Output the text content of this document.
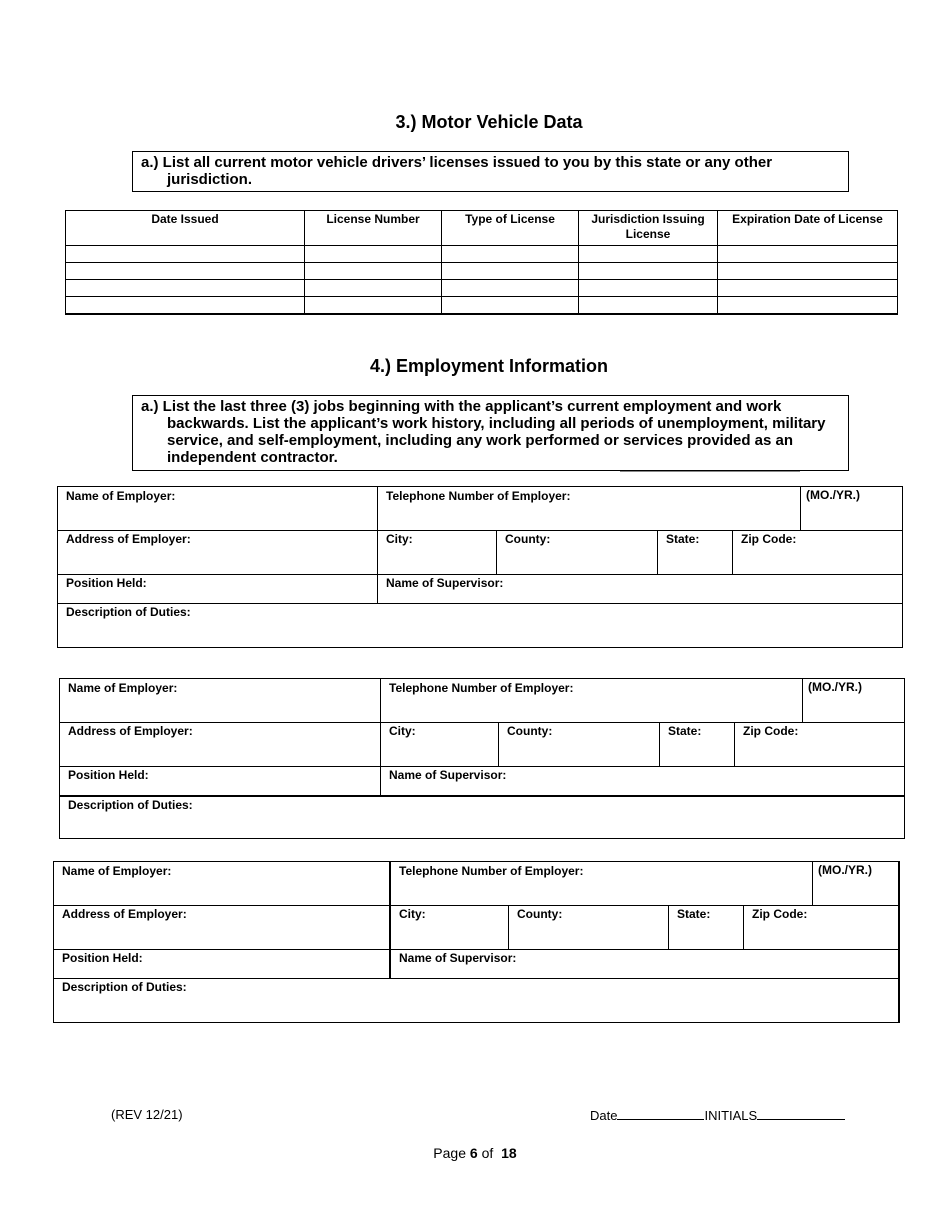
3.) Motor Vehicle Data
a.) List all current motor vehicle drivers’ licenses issued to you by this state or any other jurisdiction.
Date Issued	License Number	Type of License	Jurisdiction Issuing License	Expiration Date of License

4.) Employment Information
a.) List the last three (3) jobs beginning with the applicant’s current employment and work backwards. List the applicant’s work history, including all periods of unemployment, military service, and self-employment, including any work performed or services provided as an independent contractor.
Name of Employer:	Telephone Number of Employer:	(MO./YR.)
Address of Employer:	City:	County:	State:	Zip Code:
Position Held:	Name of Supervisor:
Description of Duties:
Name of Employer:	Telephone Number of Employer:	(MO./YR.)
Address of Employer:	City:	County:	State:	Zip Code:
Position Held:	Name of Supervisor:
Description of Duties:
Name of Employer:	Telephone Number of Employer:	(MO./YR.)
Address of Employer:	City:	County:	State:	Zip Code:
Position Held:	Name of Supervisor:
Description of Duties:
(REV 12/21)	Date	INITIALS
Page 6 of 18
